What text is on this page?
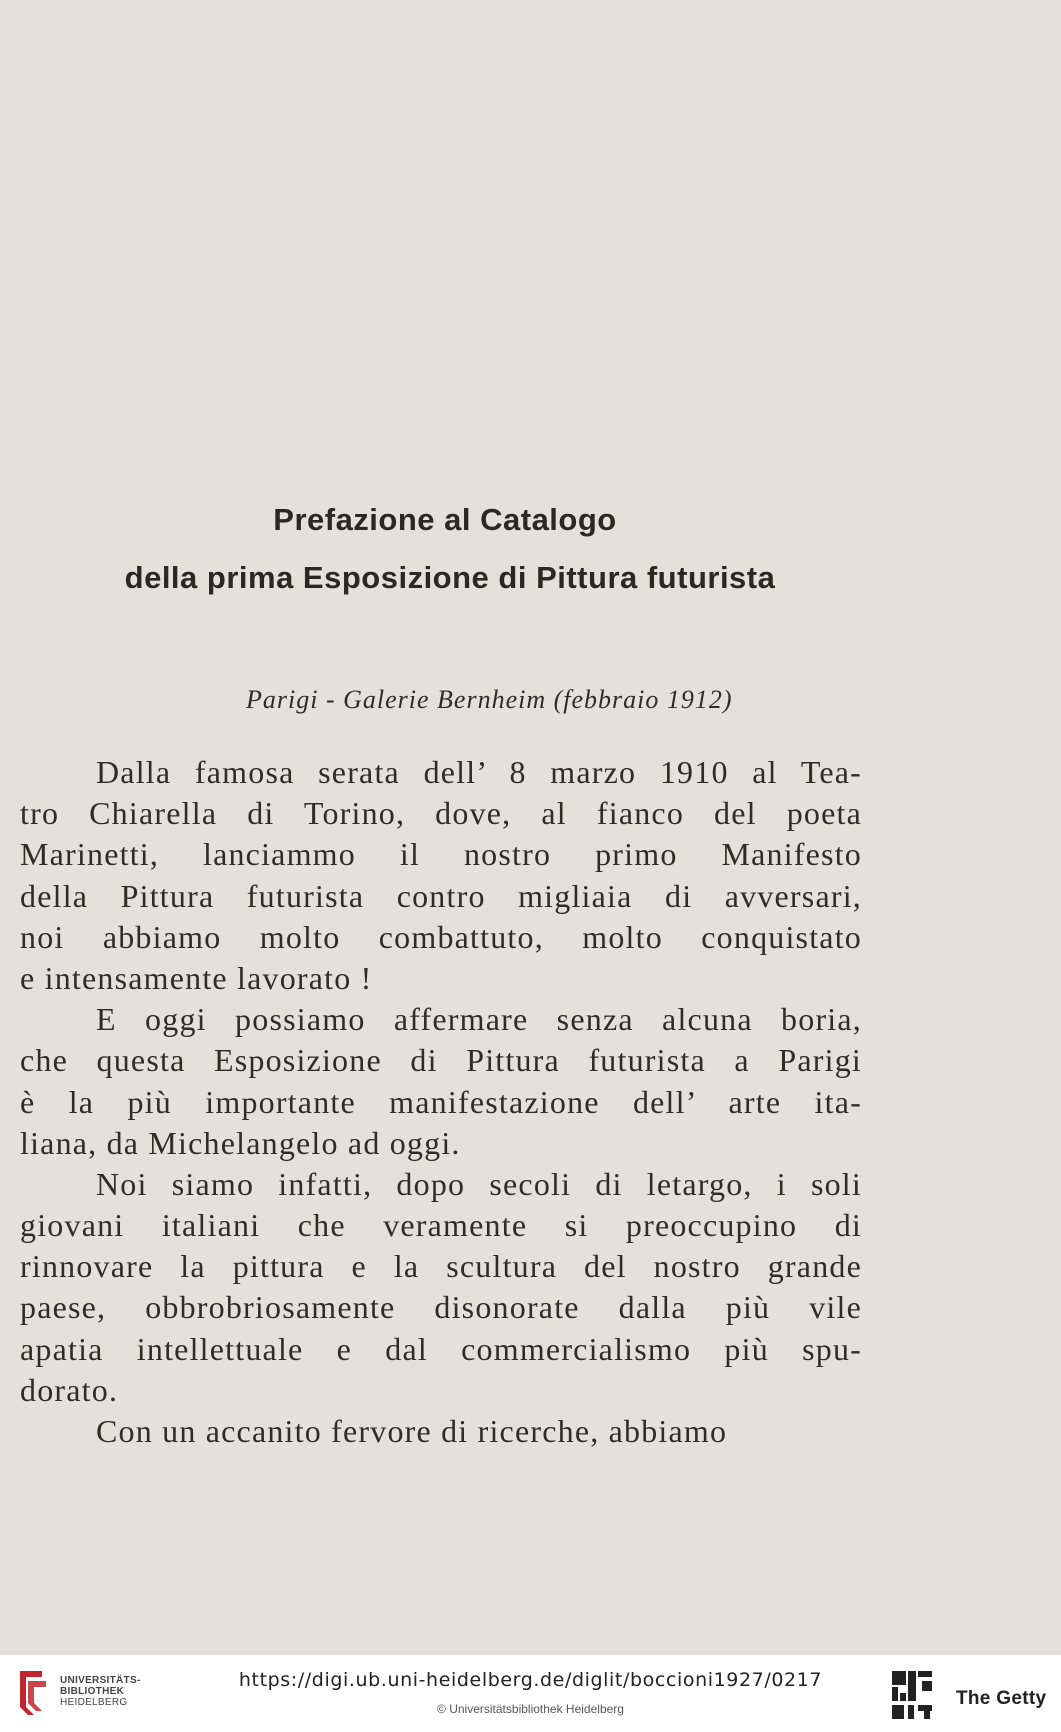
Prefazione al Catalogo
della prima Esposizione di Pittura futurista
Parigi - Galerie Bernheim (febbraio 1912)
Dalla famosa serata dell’ 8 marzo 1910 al Tea-
tro Chiarella di Torino, dove, al fianco del poeta
Marinetti, lanciammo il nostro primo Manifesto
della Pittura futurista contro migliaia di avversari,
noi abbiamo molto combattuto, molto conquistato
e intensamente lavorato !
E oggi possiamo affermare senza alcuna boria,
che questa Esposizione di Pittura futurista a Parigi
è la più importante manifestazione dell’ arte ita-
liana, da Michelangelo ad oggi.
Noi siamo infatti, dopo secoli di letargo, i soli
giovani italiani che veramente si preoccupino di
rinnovare la pittura e la scultura del nostro grande
paese, obbrobriosamente disonorate dalla più vile
apatia intellettuale e dal commercialismo più spu-
dorato.
Con un accanito fervore di ricerche, abbiamo
UNIVERSITÄTS-
BIBLIOTHEK
HEIDELBERG
https://digi.ub.uni-heidelberg.de/diglit/boccioni1927/0217
© Universitätsbibliothek Heidelberg	The Getty
